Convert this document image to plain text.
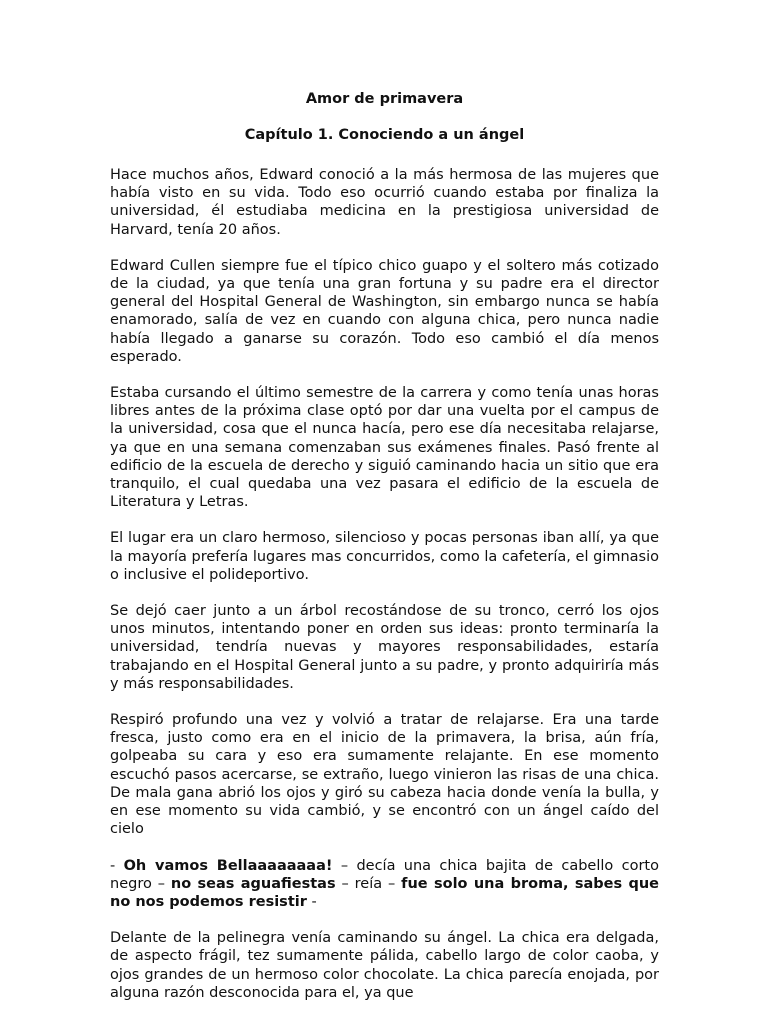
Amor de primavera

Capítulo 1. Conociendo a un ángel

Hace muchos años, Edward conoció a la más hermosa de las mujeres que había visto en su vida. Todo eso ocurrió cuando estaba por finaliza la universidad, él estudiaba medicina en la prestigiosa universidad de Harvard, tenía 20 años.

Edward Cullen siempre fue el típico chico guapo y el soltero más cotizado de la ciudad, ya que tenía una gran fortuna y su padre era el director general del Hospital General de Washington, sin embargo nunca se había enamorado, salía de vez en cuando con alguna chica, pero nunca nadie había llegado a ganarse su corazón. Todo eso cambió el día menos esperado.

Estaba cursando el último semestre de la carrera y como tenía unas horas libres antes de la próxima clase optó por dar una vuelta por el campus de la universidad, cosa que el nunca hacía, pero ese día necesitaba relajarse, ya que en una semana comenzaban sus exámenes finales. Pasó frente al edificio de la escuela de derecho y siguió caminando hacia un sitio que era tranquilo, el cual quedaba una vez pasara el edificio de la escuela de Literatura y Letras.

El lugar era un claro hermoso, silencioso y pocas personas iban allí, ya que la mayoría prefería lugares mas concurridos, como la cafetería, el gimnasio o inclusive el polideportivo.

Se dejó caer junto a un árbol recostándose de su tronco, cerró los ojos unos minutos, intentando poner en orden sus ideas: pronto terminaría la universidad, tendría nuevas y mayores responsabilidades, estaría trabajando en el Hospital General junto a su padre, y pronto adquiriría más y más responsabilidades.

Respiró profundo una vez y volvió a tratar de relajarse. Era una tarde fresca, justo como era en el inicio de la primavera, la brisa, aún fría, golpeaba su cara y eso era sumamente relajante. En ese momento escuchó pasos acercarse, se extraño, luego vinieron las risas de una chica. De mala gana abrió los ojos y giró su cabeza hacia donde venía la bulla, y en ese momento su vida cambió, y se encontró con un ángel caído del cielo

- Oh vamos Bellaaaaaaaa! – decía una chica bajita de cabello corto negro – no seas aguafiestas – reía – fue solo una broma, sabes que no nos podemos resistir -

Delante de la pelinegra venía caminando su ángel. La chica era delgada, de aspecto frágil, tez sumamente pálida, cabello largo de color caoba, y ojos grandes de un hermoso color chocolate. La chica parecía enojada, por alguna razón desconocida para el, ya que
